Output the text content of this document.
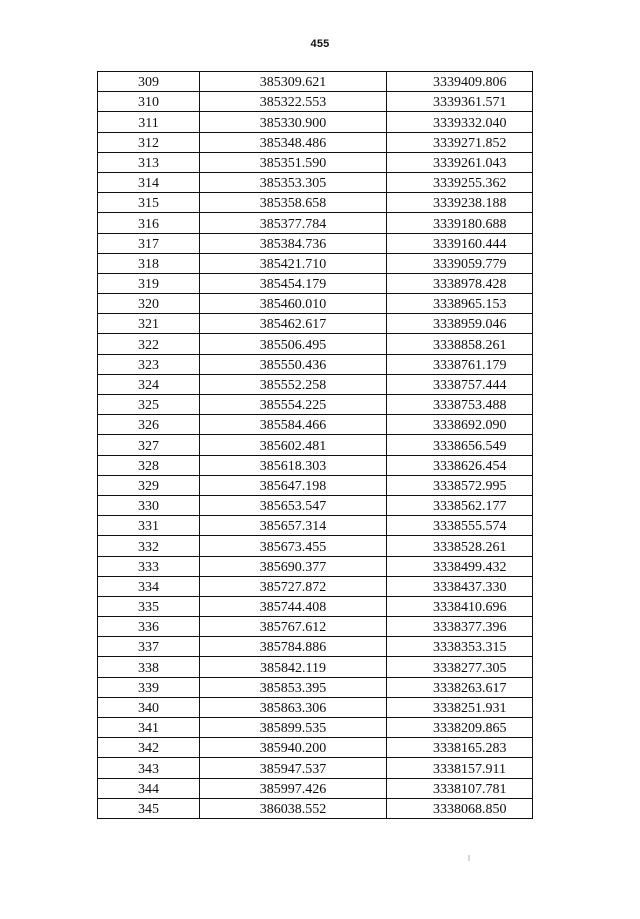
455
309	385309.621	3339409.806
310	385322.553	3339361.571
311	385330.900	3339332.040
312	385348.486	3339271.852
313	385351.590	3339261.043
314	385353.305	3339255.362
315	385358.658	3339238.188
316	385377.784	3339180.688
317	385384.736	3339160.444
318	385421.710	3339059.779
319	385454.179	3338978.428
320	385460.010	3338965.153
321	385462.617	3338959.046
322	385506.495	3338858.261
323	385550.436	3338761.179
324	385552.258	3338757.444
325	385554.225	3338753.488
326	385584.466	3338692.090
327	385602.481	3338656.549
328	385618.303	3338626.454
329	385647.198	3338572.995
330	385653.547	3338562.177
331	385657.314	3338555.574
332	385673.455	3338528.261
333	385690.377	3338499.432
334	385727.872	3338437.330
335	385744.408	3338410.696
336	385767.612	3338377.396
337	385784.886	3338353.315
338	385842.119	3338277.305
339	385853.395	3338263.617
340	385863.306	3338251.931
341	385899.535	3338209.865
342	385940.200	3338165.283
343	385947.537	3338157.911
344	385997.426	3338107.781
345	386038.552	3338068.850
